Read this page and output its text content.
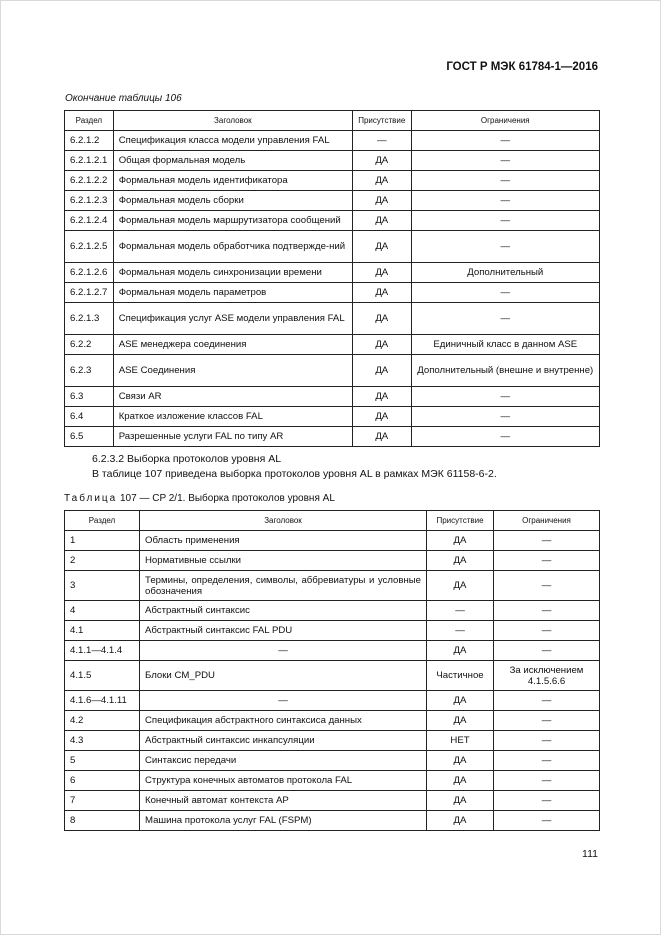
ГОСТ Р МЭК 61784-1—2016
Окончание таблицы 106
Раздел	Заголовок	Присутствие	Ограничения
6.2.1.2	Спецификация класса модели управления FAL	—	—
6.2.1.2.1	Общая формальная модель	ДА	—
6.2.1.2.2	Формальная модель идентификатора	ДА	—
6.2.1.2.3	Формальная модель сборки	ДА	—
6.2.1.2.4	Формальная модель маршрутизатора сообщений	ДА	—
6.2.1.2.5	Формальная модель обработчика подтвержде-ний	ДА	—
6.2.1.2.6	Формальная модель синхронизации времени	ДА	Дополнительный
6.2.1.2.7	Формальная модель параметров	ДА	—
6.2.1.3	Спецификация услуг ASE модели управления FAL	ДА	—
6.2.2	ASE менеджера соединения	ДА	Единичный класс в данном ASE
6.2.3	ASE Соединения	ДА	Дополнительный (внешне и внутренне)
6.3	Связи AR	ДА	—
6.4	Краткое изложение классов FAL	ДА	—
6.5	Разрешенные услуги FAL по типу AR	ДА	—
6.2.3.2 Выборка протоколов уровня AL
В таблице 107 приведена выборка протоколов уровня AL в рамках МЭК 61158-6-2.
Таблица 107 — CP 2/1. Выборка протоколов уровня AL
Раздел	Заголовок	Присутствие	Ограничения
1	Область применения	ДА	—
2	Нормативные ссылки	ДА	—
3	Термины, определения, символы, аббревиатуры и условные обозначения	ДА	—
4	Абстрактный синтаксис	—	—
4.1	Абстрактный синтаксис FAL PDU	—	—
4.1.1—4.1.4	—	ДА	—
4.1.5	Блоки CM_PDU	Частичное	За исключением 4.1.5.6.6
4.1.6—4.1.11	—	ДА	—
4.2	Спецификация абстрактного синтаксиса данных	ДА	—
4.3	Абстрактный синтаксис инкапсуляции	НЕТ	—
5	Синтаксис передачи	ДА	—
6	Структура конечных автоматов протокола FAL	ДА	—
7	Конечный автомат контекста AP	ДА	—
8	Машина протокола услуг FAL (FSPM)	ДА	—
111
